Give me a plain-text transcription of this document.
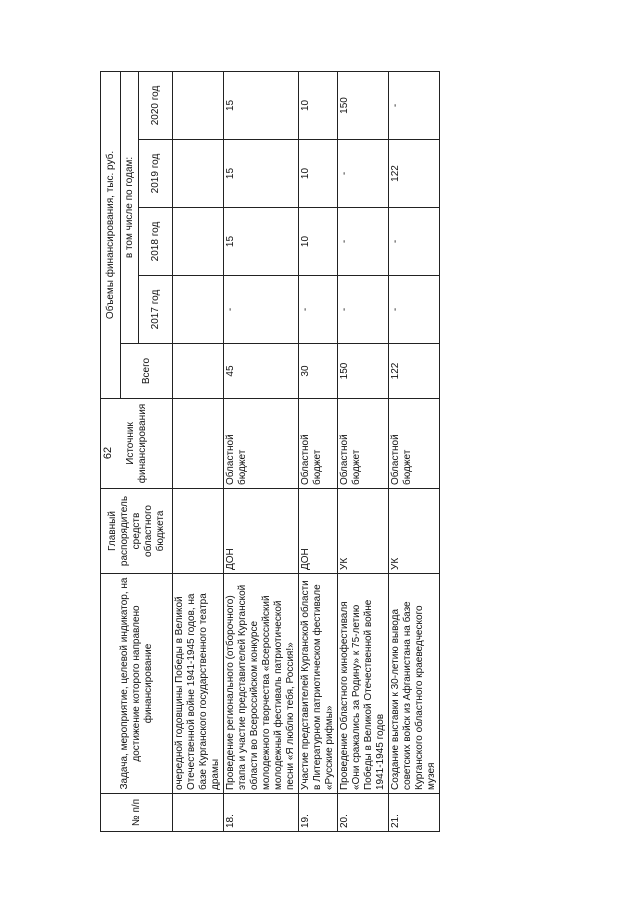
62
№ п/п	Задача, мероприятие, целевой индикатор, на достижение которого направлено финансирование	Главный распорядитель средств областного бюджета	Источник финансирования	Объемы финансирования, тыс. руб.				
				Всего	в том числе по годам:			
					2017 год	2018 год	2019 год	2020 год
	очередной годовщины Победы в Великой Отечественной войне 1941-1945 годов, на базе Курганского государственного театра драмы							
18.	Проведение регионального (отборочного) этапа и участие представителей Курганской области во Всероссийском конкурсе молодежного творчества «Всероссийский молодежный фестиваль патриотической песни «Я люблю тебя, Россия!»	ДОН	Областной бюджет	45	-	15	15	15
19.	Участие представителей Курганской области в Литературном патриотическом фестивале «Русские рифмы»	ДОН	Областной бюджет	30	-	10	10	10
20.	Проведение Областного кинофестиваля «Они сражались за Родину» к 75-летию Победы в Великой Отечественной войне 1941-1945 годов	УК	Областной бюджет	150	-	-	-	150
21.	Создание выставки к 30-летию вывода советских войск из Афганистана на базе Курганского областного краеведческого музея	УК	Областной бюджет	122	-	-	122	-
